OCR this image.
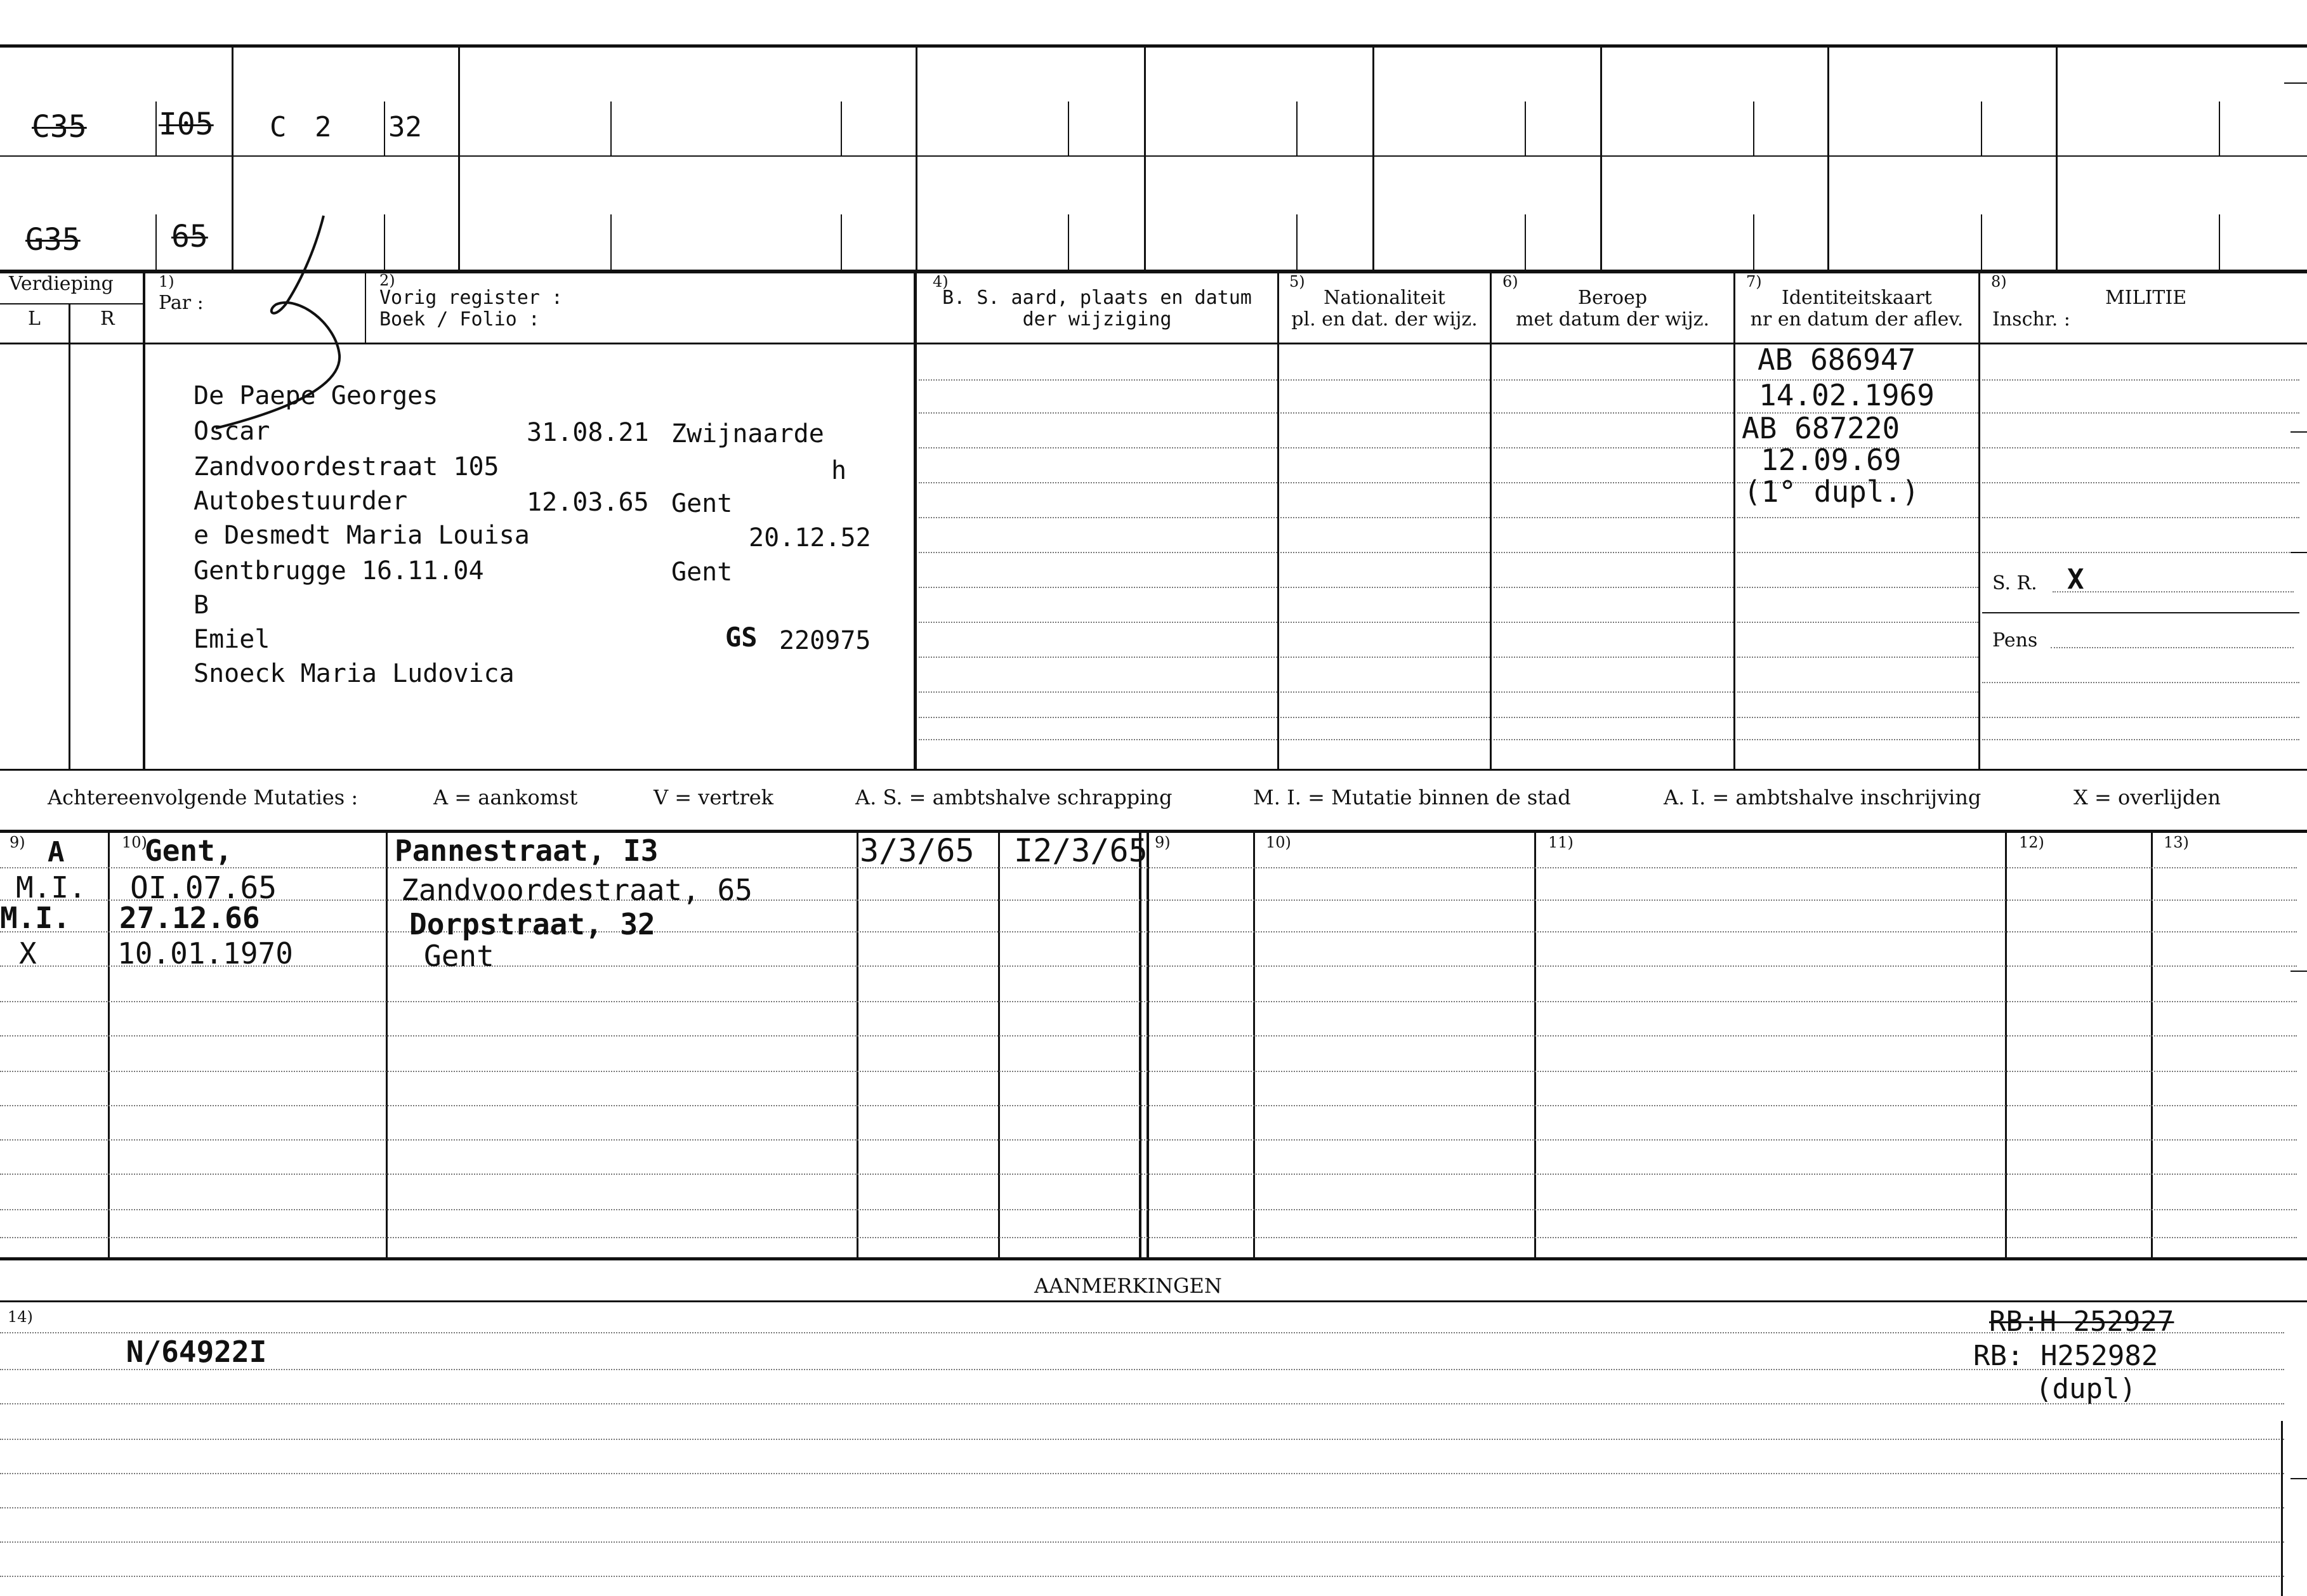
C35 I05 C 2 32
G35	65
Verdieping
L	R
1)
Par :
2)
Vorig register :
Boek / Folio :
4)
B. S. aard, plaats en datum
der wijziging
5)
Nationaliteit
pl. en dat. der wijz.
6)
Beroep
met datum der wijz.
7)
Identiteitskaart
nr en datum der aflev.
8)
MILITIE
Inschr. :
De Paepe Georges
Oscar	31.08.21 Zwijnaarde
Zandvoordestraat 105	h
Autobestuurder	12.03.65 Gent
e Desmedt Maria Louisa	20.12.52
Gentbrugge 16.11.04	Gent
B
Emiel	GS 220975
Snoeck Maria Ludovica
AB 686947
14.02.1969
AB 687220
12.09.69
(1° dupl.)
S. R. X
Pens
Achtereenvolgende Mutaties :	A = aankomst	V = vertrek	A. S. = ambtshalve schrapping	M. I. = Mutatie binnen de stad	A. I. = ambtshalve inschrijving	X = overlijden
9)	10)	9)	10)	11)	12)	13)
A	Gent,	Pannestraat, I3	3/3/65 I2/3/65
M.I. OI.07.65	Zandvoordestraat, 65
M.I. 27.12.66	Dorpstraat, 32
X	10.01.1970	Gent
AANMERKINGEN
14)

N/64922I

RB:H 252927
RB: H252982
(dupl)
